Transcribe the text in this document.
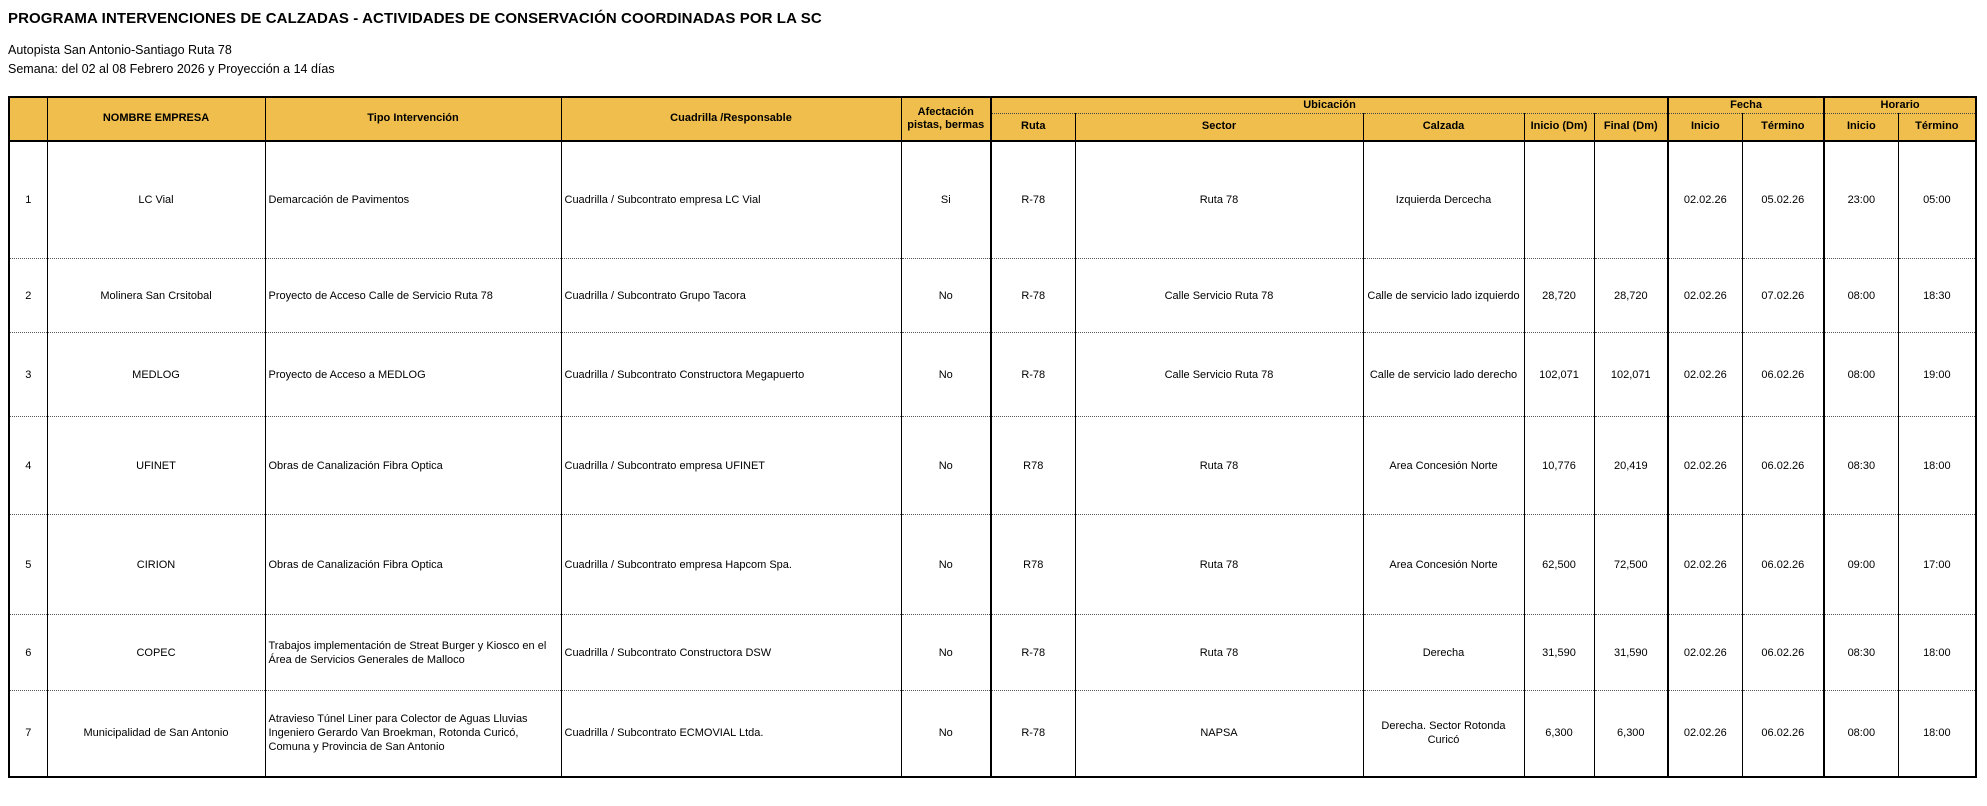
PROGRAMA INTERVENCIONES DE CALZADAS - ACTIVIDADES DE CONSERVACIÓN COORDINADAS POR LA SC
Autopista San Antonio-Santiago Ruta 78
Semana: del 02 al 08 Febrero 2026 y Proyección a 14 días
	NOMBRE EMPRESA	Tipo Intervención	Cuadrilla /Responsable	Afectación pistas, bermas	Ubicación					Fecha		Horario	
					Ruta	Sector	Calzada	Inicio (Dm)	Final (Dm)	Inicio	Término	Inicio	Término
1	LC Vial	Demarcación de Pavimentos	Cuadrilla / Subcontrato empresa LC Vial	Si	R-78	Ruta 78	Izquierda Dercecha			02.02.26	05.02.26	23:00	05:00
2	Molinera San Crsitobal	Proyecto de Acceso Calle de Servicio Ruta 78	Cuadrilla / Subcontrato Grupo Tacora	No	R-78	Calle Servicio Ruta 78	Calle de servicio lado izquierdo	28,720	28,720	02.02.26	07.02.26	08:00	18:30
3	MEDLOG	Proyecto de Acceso a MEDLOG	Cuadrilla / Subcontrato Constructora Megapuerto	No	R-78	Calle Servicio Ruta 78	Calle de servicio lado derecho	102,071	102,071	02.02.26	06.02.26	08:00	19:00
4	UFINET	Obras de Canalización Fibra Optica	Cuadrilla / Subcontrato empresa UFINET	No	R78	Ruta 78	Area Concesión Norte	10,776	20,419	02.02.26	06.02.26	08:30	18:00
5	CIRION	Obras de Canalización Fibra Optica	Cuadrilla / Subcontrato empresa Hapcom Spa.	No	R78	Ruta 78	Area Concesión Norte	62,500	72,500	02.02.26	06.02.26	09:00	17:00
6	COPEC	Trabajos implementación de Streat Burger y Kiosco en el Área de Servicios Generales de Malloco	Cuadrilla / Subcontrato Constructora DSW	No	R-78	Ruta 78	Derecha	31,590	31,590	02.02.26	06.02.26	08:30	18:00
7	Municipalidad de San Antonio	Atravieso Túnel Liner para Colector de Aguas Lluvias Ingeniero Gerardo Van Broekman, Rotonda Curicó, Comuna y Provincia de San Antonio	Cuadrilla / Subcontrato ECMOVIAL Ltda.	No	R-78	NAPSA	Derecha. Sector Rotonda Curicó	6,300	6,300	02.02.26	06.02.26	08:00	18:00
